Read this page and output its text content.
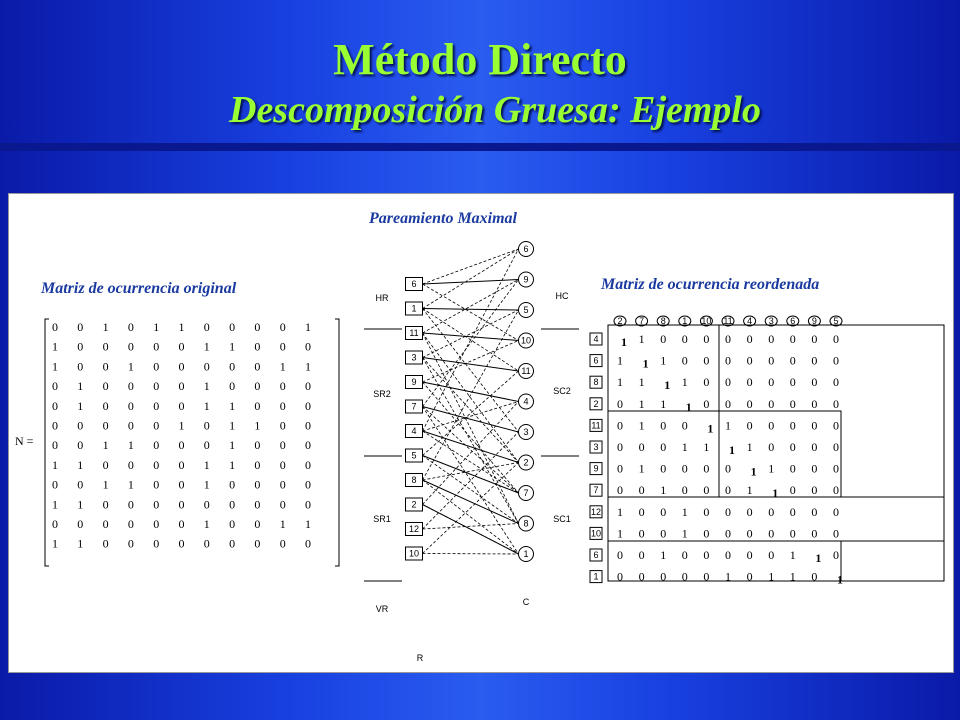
Método Directo
Descomposición Gruesa: Ejemplo
Pareamiento Maximal
Matriz de ocurrencia original	Matriz de ocurrencia reordenada
N =
0 0 1 0 1 1 0 0 0 0 1
1 0 0 0 0 0 1 1 0 0 0
1 0 0 1 0 0 0 0 0 1 1
0 1 0 0 0 0 1 0 0 0 0
0 1 0 0 0 0 1 1 0 0 0
0 0 0 0 0 1 0 1 1 0 0
0 0 1 1 0 0 0 1 0 0 0
1 1 0 0 0 0 1 1 0 0 0
0 0 1 1 0 0 1 0 0 0 0
1 1 0 0 0 0 0 0 0 0 0
0 0 0 0 0 0 1 0 0 1 1
1 1 0 0 0 0 0 0 0 0 0
6
1
11
3
9
7
4
5
8
2
12
10
6
9
5
10
11
4
3
2
7
8
1
HR
SR2
SR1
VR
HC
SC2
SC1
R
C
2 7 8 1 10 11 4 3 6 9 5
4
6
8
2
11
3
9
7
12
10
6
1
1 1 0 0 0 0 0 0 0 0 0
1 1 1 0 0 0 0 0 0 0 0
1 1 1 1 0 0 0 0 0 0 0
0 1 1 1 0 0 0 0 0 0 0
0 1 0 0 1 1 0 0 0 0 0
0 0 0 1 1 1 1 0 0 0 0
0 1 0 0 0 0 1 1 0 0 0
0 0 1 0 0 0 1 1 0 0 0
1 0 0 1 0 0 0 0 0 0 0
1 0 0 1 0 0 0 0 0 0 0
0 0 1 0 0 0 0 0 1 1 0
0 0 0 0 0 1 0 1 1 0 1
